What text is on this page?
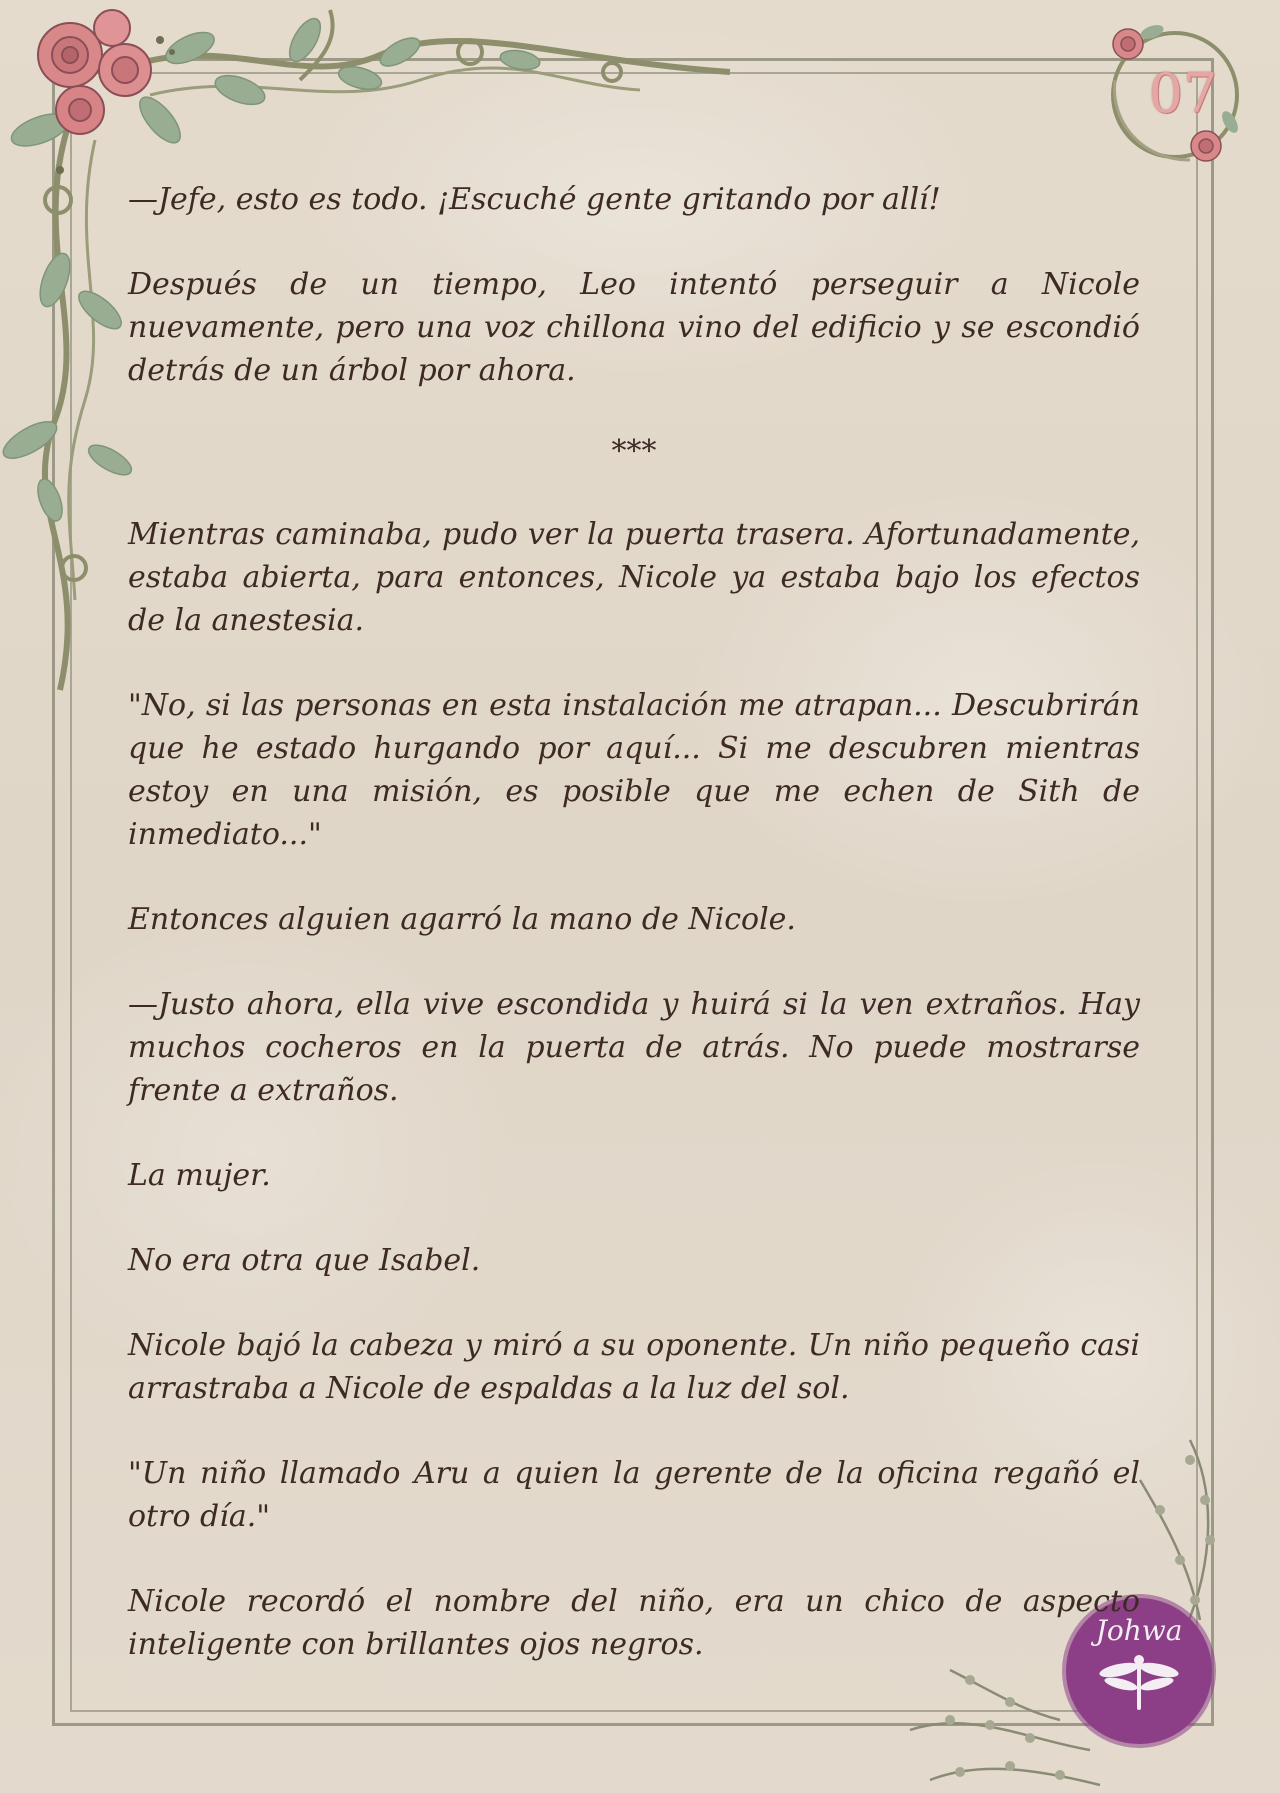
07
Johwa

—Jefe, esto es todo. ¡Escuché gente gritando por allí!

Después de un tiempo, Leo intentó perseguir a Nicole nuevamente, pero una voz chillona vino del edificio y se escondió detrás de un árbol por ahora.

***

Mientras caminaba, pudo ver la puerta trasera. Afortunadamente, estaba abierta, para entonces, Nicole ya estaba bajo los efectos de la anestesia.

"No, si las personas en esta instalación me atrapan... Descubrirán que he estado hurgando por aquí... Si me descubren mientras estoy en una misión, es posible que me echen de Sith de inmediato..."

Entonces alguien agarró la mano de Nicole.

—Justo ahora, ella vive escondida y huirá si la ven extraños. Hay muchos cocheros en la puerta de atrás. No puede mostrarse frente a extraños.

La mujer.

No era otra que Isabel.

Nicole bajó la cabeza y miró a su oponente. Un niño pequeño casi arrastraba a Nicole de espaldas a la luz del sol.

"Un niño llamado Aru a quien la gerente de la oficina regañó el otro día."

Nicole recordó el nombre del niño, era un chico de aspecto inteligente con brillantes ojos negros.
